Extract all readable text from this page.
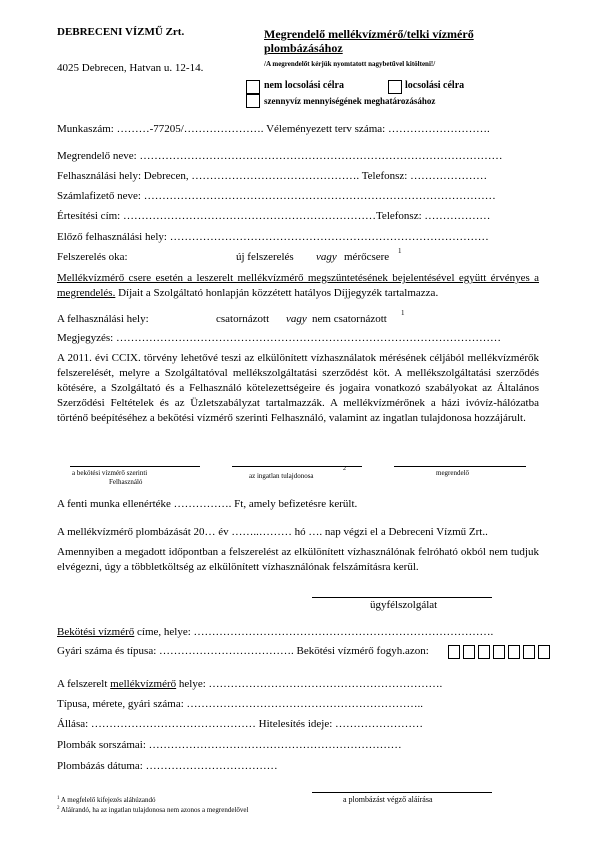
DEBRECENI VÍZMŰ Zrt.
4025 Debrecen, Hatvan u. 12-14.
Megrendelő mellékvízmérő/telki vízmérő
plombázásához
/A megrendelőt kérjük nyomtatott nagybetűvel kitölteni!/
nem locsolási célra	locsolási célra
szennyvíz mennyiségének meghatározásához
Munkaszám: ………-77205/…………………. Véleményezett terv száma: ……………………….
Megrendelő neve: ………………………………………………………………………………………
Felhasználási hely: Debrecen, ………………………………………. Telefonsz: …………………
Számlafizető neve: ……………………………………………………………………………………
Értesítési cím: ……………………………………………………………Telefonsz: ………………
Előző felhasználási hely: ……………………………………………………………………………
Felszerelés oka:	új felszerelés vagy mérőcsere 1
Mellékvízmérő csere esetén a leszerelt mellékvízmérő megszüntetésének bejelentésével együtt érvényes a megrendelés. Díjait a Szolgáltató honlapján közzétett hatályos Díjjegyzék tartalmazza.
A felhasználási hely:	csatornázott vagy nem csatornázott 1
Megjegyzés: ……………………………………………………………………………………………
A 2011. évi CCIX. törvény lehetővé teszi az elkülönített vízhasználatok mérésének céljából mellékvízmérők felszerelését, melyre a Szolgáltatóval mellékszolgáltatási szerződést köt. A mellékszolgáltatási szerződés kötésére, a Szolgáltató és a Felhasználó kötelezettségeire és jogaira vonatkozó szabályokat az Általános Szerződési Feltételek és az Üzletszabályzat tartalmazzák. A mellékvízmérőnek a házi ivóvíz-hálózatba történő beépítéséhez a bekötési vízmérő szerinti Felhasználó, valamint az ingatlan tulajdonosa hozzájárult.
a bekötési vízmérő szerinti
Felhasználó
az ingatlan tulajdonosa
2	megrendelő
A fenti munka ellenértéke ……………. Ft, amely befizetésre került.
A mellékvízmérő plombázását 20… év ……..……… hó …. nap végzi el a Debreceni Vízmű Zrt..
Amennyiben a megadott időpontban a felszerelést az elkülönített vízhasználónak felróható okból nem tudjuk elvégezni, úgy a többletköltség az elkülönített vízhasználónak felszámításra kerül.
ügyfélszolgálat
Bekötési vízmérő címe, helye: ……………………………………………………………………….
Gyári száma és típusa: ………………………………. Bekötési vízmérő fogyh.azon:
A felszerelt mellékvízmérő helye: ……………………………………………………….
Típusa, mérete, gyári száma: ………………………………………………………..
Állása: ……………………………………… Hitelesítés ideje: ……………………
Plombák sorszámai: ……………………………………………………………
Plombázás dátuma: ………………………………
a plombázást végző aláírása
$^1$ A megfelelő kifejezés aláhúzandó
$^2$ Aláírandó, ha az ingatlan tulajdonosa nem azonos a megrendelővel
